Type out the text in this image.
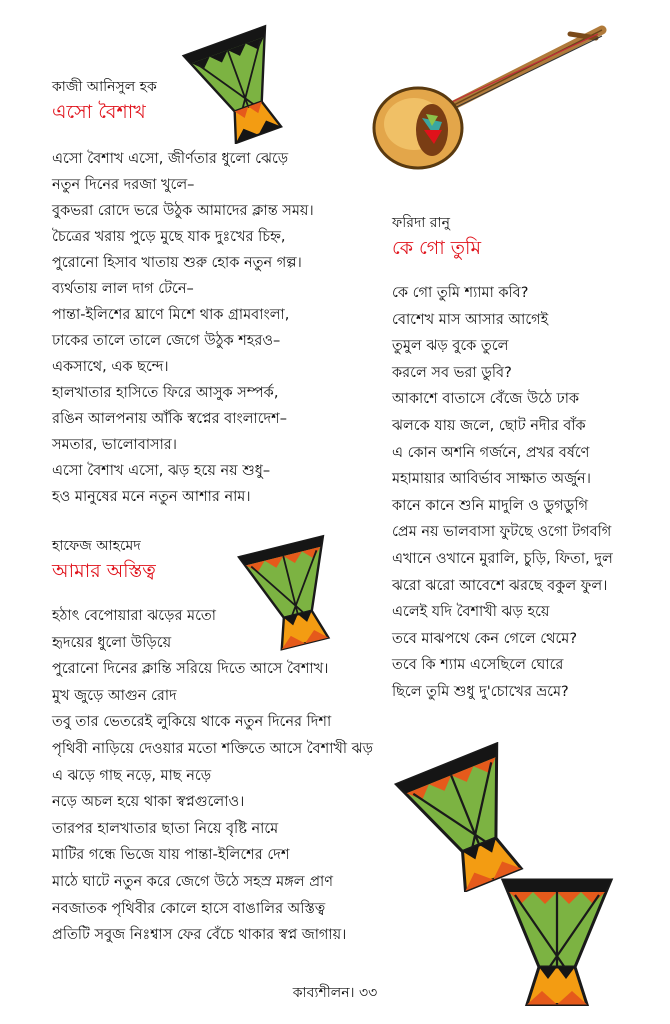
কাজী আনিসুল হক
এসো বৈশাখ
এসো বৈশাখ এসো, জীর্ণতার ধুলো ঝেড়ে
নতুন দিনের দরজা খুলে–
বুকভরা রোদে ভরে উঠুক আমাদের ক্লান্ত সময়।
চৈত্রের খরায় পুড়ে মুছে যাক দুঃখের চিহ্ন,
পুরোনো হিসাব খাতায় শুরু হোক নতুন গল্প।
ব্যর্থতায় লাল দাগ টেনে–
পান্তা-ইলিশের ঘ্রাণে মিশে থাক গ্রামবাংলা,
ঢাকের তালে তালে জেগে উঠুক শহরও–
একসাথে, এক ছন্দে।
হালখাতার হাসিতে ফিরে আসুক সম্পর্ক,
রঙিন আলপনায় আঁকি স্বপ্নের বাংলাদেশ–
সমতার, ভালোবাসার।
এসো বৈশাখ এসো, ঝড় হয়ে নয় শুধু–
হও মানুষের মনে নতুন আশার নাম।
হাফেজ আহমেদ
আমার অস্তিত্ব
হঠাৎ বেপোয়ারা ঝড়ের মতো
হৃদয়ের ধুলো উড়িয়ে
পুরোনো দিনের ক্লান্তি সরিয়ে দিতে আসে বৈশাখ।
মুখ জুড়ে আগুন রোদ
তবু তার ভেতরেই লুকিয়ে থাকে নতুন দিনের দিশা
পৃথিবী নাড়িয়ে দেওয়ার মতো শক্তিতে আসে বৈশাখী ঝড়
এ ঝড়ে গাছ নড়ে, মাছ নড়ে
নড়ে অচল হয়ে থাকা স্বপ্নগুলোও।
তারপর হালখাতার ছাতা নিয়ে বৃষ্টি নামে
মাটির গন্ধে ভিজে যায় পান্তা-ইলিশের দেশ
মাঠে ঘাটে নতুন করে জেগে উঠে সহস্র মঙ্গল প্রাণ
নবজাতক পৃথিবীর কোলে হাসে বাঙালির অস্তিত্ব
প্রতিটি সবুজ নিঃশ্বাস ফের বেঁচে থাকার স্বপ্ন জাগায়।
ফরিদা রানু
কে গো তুমি
কে গো তুমি শ্যামা কবি?
বোশেখ মাস আসার আগেই
তুমুল ঝড় বুকে তুলে
করলে সব ভরা ডুবি?
আকাশে বাতাসে বেঁজে উঠে ঢাক
ঝলকে যায় জলে, ছোট নদীর বাঁক
এ কোন অশনি গর্জনে, প্রখর বর্ষণে
মহামায়ার আবির্ভাব সাক্ষাত অর্জুন।
কানে কানে শুনি মাদুলি ও ডুগডুগি
প্রেম নয় ভালবাসা ফুটছে ওগো টগবগি
এখানে ওখানে মুরালি, চুড়ি, ফিতা, দুল
ঝরো ঝরো আবেশে ঝরছে বকুল ফুল।
এলেই যদি বৈশাখী ঝড় হয়ে
তবে মাঝপথে কেন গেলে থেমে?
তবে কি শ্যাম এসেছিলে ঘোরে
ছিলে তুমি শুধু দু'চোখের ভ্রমে?
কাব্যশীলন। ৩৩
